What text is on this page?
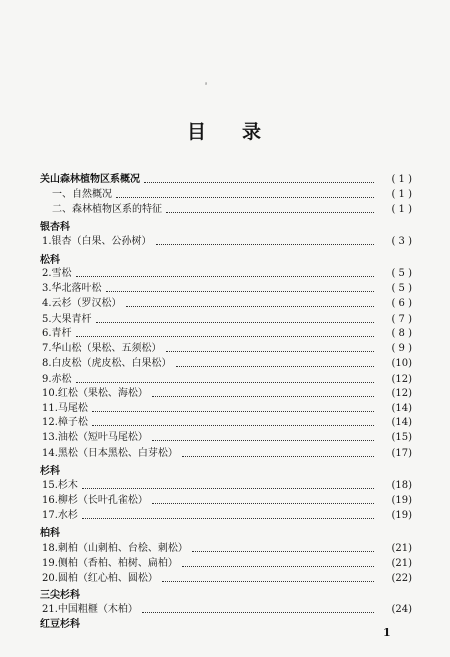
ˢ
目 录
关山森林植物区系概况	( 1 )
一、自然概况	( 1 )
二、森林植物区系的特征	( 1 )
银杏科
1.银杏（白果、公孙树）	( 3 )
松科
2.雪松	( 5 )
3.华北落叶松	( 5 )
4.云杉（罗汉松）	( 6 )
5.大果青杆	( 7 )
6.青杆	( 8 )
7.华山松（果松、五须松）	( 9 )
8.白皮松（虎皮松、白果松）	(10)
9.赤松	(12)
10.红松（果松、海松）	(12)
11.马尾松	(14)
12.樟子松	(14)
13.油松（短叶马尾松）	(15)
14.黑松（日本黑松、白芽松）	(17)
杉科
15.杉木	(18)
16.柳杉（长叶孔雀松）	(19)
17.水杉	(19)
柏科
18.刺柏（山刺柏、台桧、刺松）	(21)
19.侧柏（香柏、柏树、扁柏）	(21)
20.圆柏（红心柏、圆松）	(22)
三尖杉科
21.中国粗榧（木柏）	(24)
红豆杉科
1
